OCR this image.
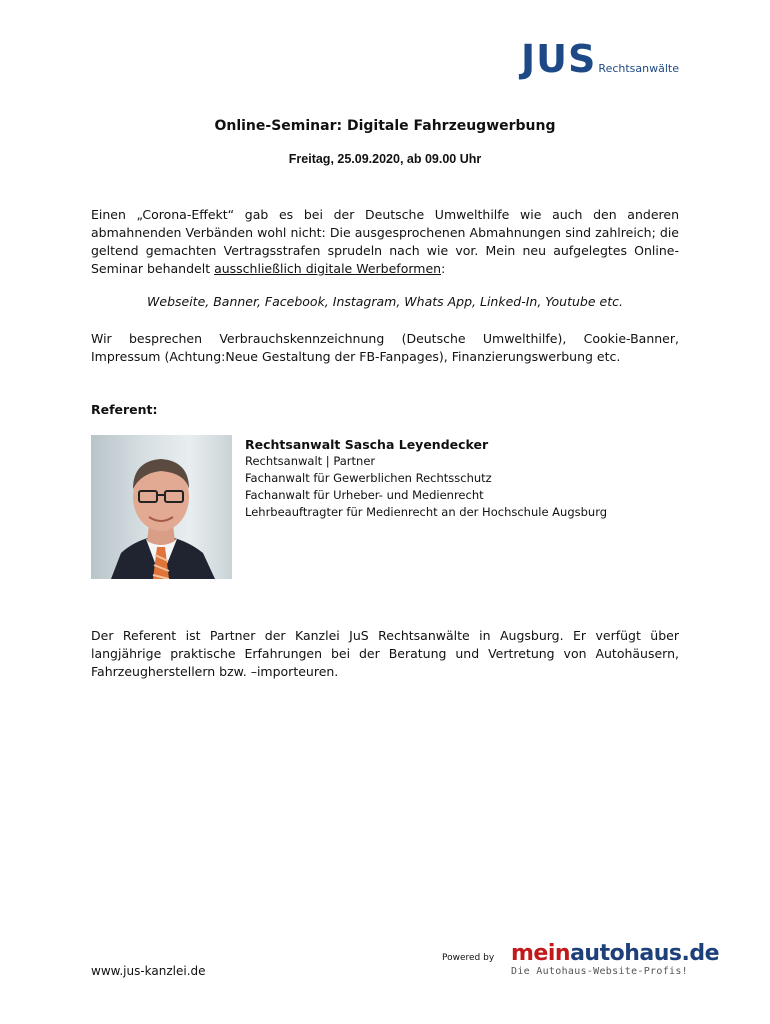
JUS Rechtsanwälte
Online-Seminar: Digitale Fahrzeugwerbung
Freitag, 25.09.2020, ab 09.00 Uhr
Einen „Corona-Effekt“ gab es bei der Deutsche Umwelthilfe wie auch den anderen abmahnenden Verbänden wohl nicht: Die ausgesprochenen Abmahnungen sind zahlreich; die geltend gemachten Vertragsstrafen sprudeln nach wie vor. Mein neu aufgelegtes Online-Seminar behandelt ausschließlich digitale Werbeformen:
Webseite, Banner, Facebook, Instagram, Whats App, Linked-In, Youtube etc.
Wir besprechen Verbrauchskennzeichnung (Deutsche Umwelthilfe), Cookie-Banner, Impressum (Achtung:Neue Gestaltung der FB-Fanpages), Finanzierungswerbung etc.
Referent:
Rechtsanwalt Sascha Leyendecker
Rechtsanwalt | Partner
Fachanwalt für Gewerblichen Rechtsschutz
Fachanwalt für Urheber- und Medienrecht
Lehrbeauftragter für Medienrecht an der Hochschule Augsburg
Der Referent ist Partner der Kanzlei JuS Rechtsanwälte in Augsburg. Er verfügt über langjährige praktische Erfahrungen bei der Beratung und Vertretung von Autohäusern, Fahrzeugherstellern bzw. –importeuren.
www.jus-kanzlei.de
Powered by meinautohaus.de
Die Autohaus-Website-Profis!
